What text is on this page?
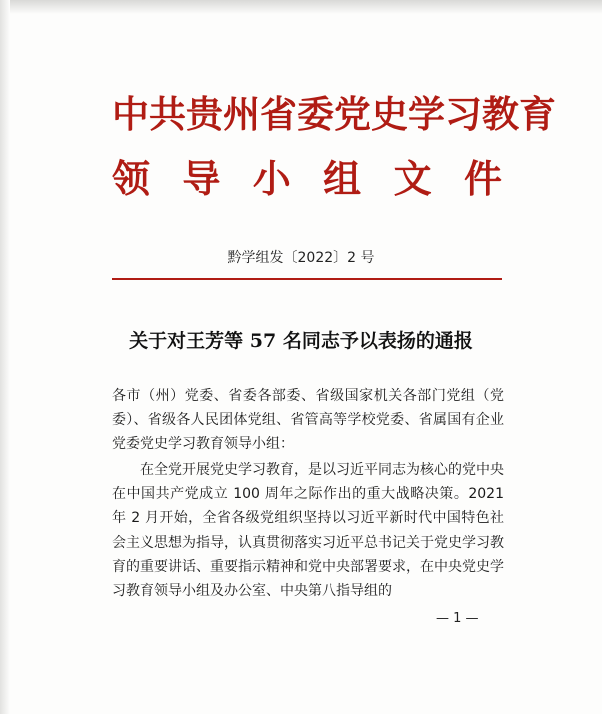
中共贵州省委党史学习教育
领 导 小 组 文 件
黔学组发〔2022〕2 号
关于对王芳等 57 名同志予以表扬的通报
各市（州）党委、省委各部委、省级国家机关各部门党组（党委）、省级各人民团体党组、省管高等学校党委、省属国有企业党委党史学习教育领导小组：
在全党开展党史学习教育，是以习近平同志为核心的党中央在中国共产党成立 100 周年之际作出的重大战略决策。2021 年 2 月开始，全省各级党组织坚持以习近平新时代中国特色社会主义思想为指导，认真贯彻落实习近平总书记关于党史学习教育的重要讲话、重要指示精神和党中央部署要求，在中央党史学习教育领导小组及办公室、中央第八指导组的
— 1 —
